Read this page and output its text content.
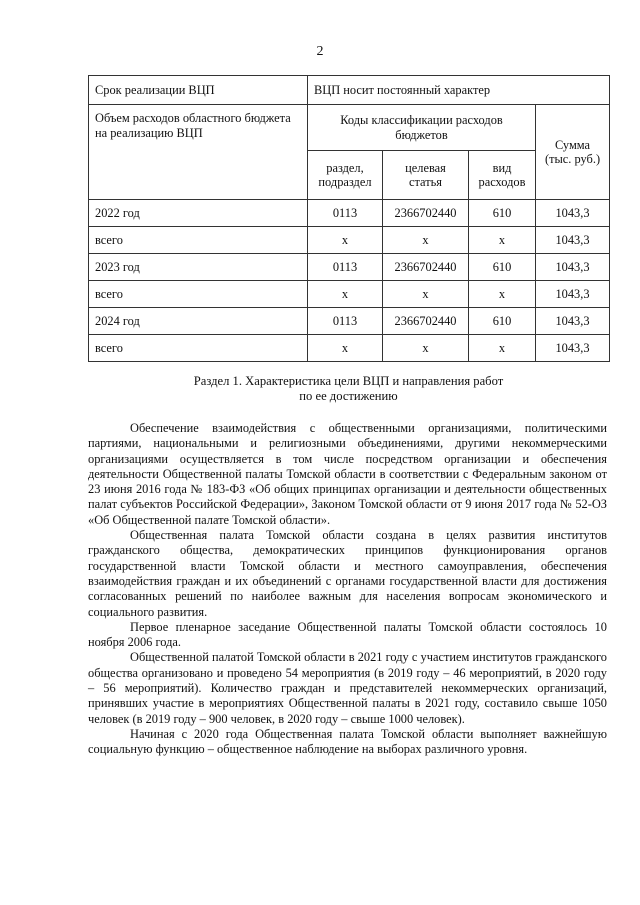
2
Срок реализации ВЦП	ВЦП носит постоянный характер			
Объем расходов областного бюджета на реализацию ВЦП	Коды классификации расходов бюджетов			Сумма (тыс. руб.)
	раздел, подраздел	целевая статья	вид расходов	
2022 год	0113	2366702440	610	1043,3
всего	x	x	x	1043,3
2023 год	0113	2366702440	610	1043,3
всего	x	x	x	1043,3
2024 год	0113	2366702440	610	1043,3
всего	x	x	x	1043,3
Раздел 1. Характеристика цели ВЦП и направления работ
по ее достижению

Обеспечение взаимодействия с общественными организациями, политическими партиями, национальными и религиозными объединениями, другими некоммерческими организациями осуществляется в том числе посредством организации и обеспечения деятельности Общественной палаты Томской области в соответствии с Федеральным законом от 23 июня 2016 года № 183-ФЗ «Об общих принципах организации и деятельности общественных палат субъектов Российской Федерации», Законом Томской области от 9 июня 2017 года № 52-ОЗ «Об Общественной палате Томской области».

Общественная палата Томской области создана в целях развития институтов гражданского общества, демократических принципов функционирования органов государственной власти Томской области и местного самоуправления, обеспечения взаимодействия граждан и их объединений с органами государственной власти для достижения согласованных решений по наиболее важным для населения вопросам экономического и социального развития.

Первое пленарное заседание Общественной палаты Томской области состоялось 10 ноября 2006 года.

Общественной палатой Томской области в 2021 году с участием институтов гражданского общества организовано и проведено 54 мероприятия (в 2019 году – 46 мероприятий, в 2020 году – 56 мероприятий). Количество граждан и представителей некоммерческих организаций, принявших участие в мероприятиях Общественной палаты в 2021 году, составило свыше 1050 человек (в 2019 году – 900 человек, в 2020 году – свыше 1000 человек).

Начиная с 2020 года Общественная палата Томской области выполняет важнейшую социальную функцию – общественное наблюдение на выборах различного уровня.
